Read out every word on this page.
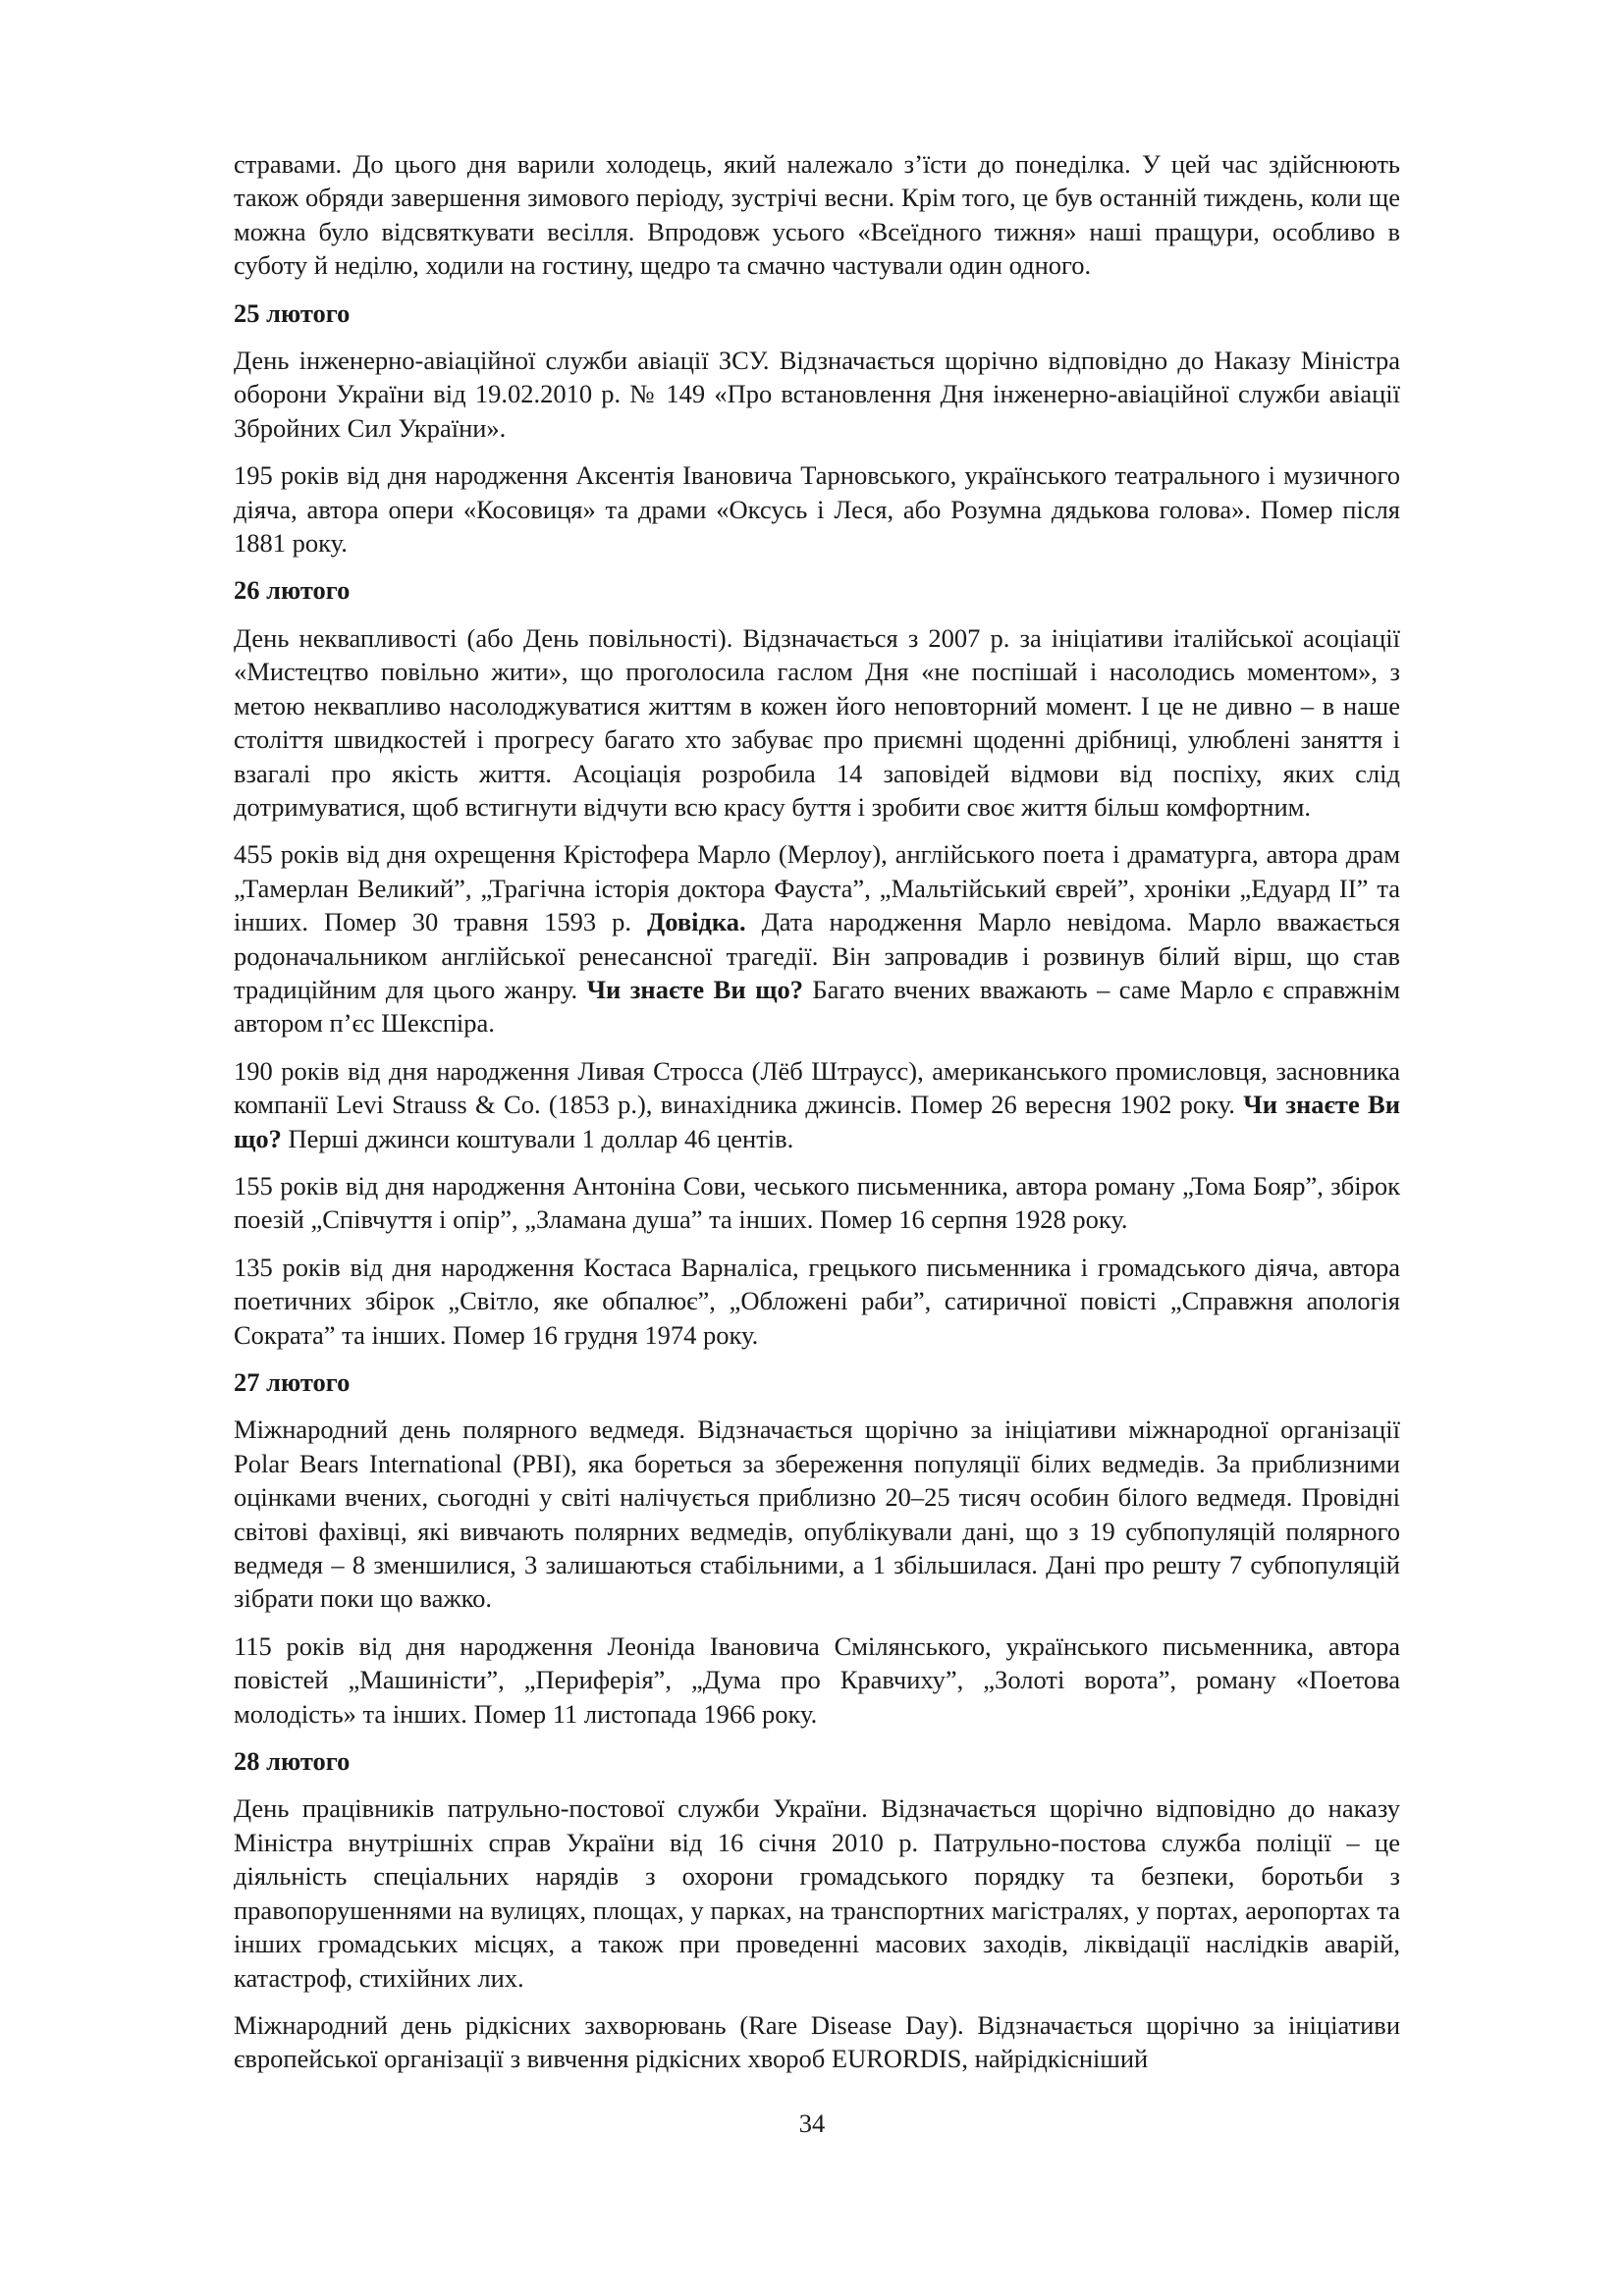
стравами. До цього дня варили холодець, який належало з’їсти до понеділка. У цей час здійснюють також обряди завершення зимового періоду, зустрічі весни. Крім того, це був останній тиждень, коли ще можна було відсвяткувати весілля. Впродовж усього «Всеїдного тижня» наші пращури, особливо в суботу й неділю, ходили на гостину, щедро та смачно частували один одного.

25 лютого

День інженерно-авіаційної служби авіації ЗСУ. Відзначається щорічно відповідно до Наказу Міністра оборони України від 19.02.2010 р. № 149 «Про встановлення Дня інженерно-авіаційної служби авіації Збройних Сил України».

195 років від дня народження Аксентія Івановича Тарновського, українського театрального і музичного діяча, автора опери «Косовиця» та драми «Оксусь і Леся, або Розумна дядькова голова». Помер після 1881 року.

26 лютого

День неквапливості (або День повільності). Відзначається з 2007 р. за ініціативи італійської асоціації «Мистецтво повільно жити», що проголосила гаслом Дня «не поспішай і насолодись моментом», з метою неквапливо насолоджуватися життям в кожен його неповторний момент. І це не дивно – в наше століття швидкостей і прогресу багато хто забуває про приємні щоденні дрібниці, улюблені заняття і взагалі про якість життя. Асоціація розробила 14 заповідей відмови від поспіху, яких слід дотримуватися, щоб встигнути відчути всю красу буття і зробити своє життя більш комфортним.

455 років від дня охрещення Крістофера Марло (Мерлоу), англійського поета і драматурга, автора драм „Тамерлан Великий”, „Трагічна історія доктора Фауста”, „Мальтійський єврей”, хроніки „Едуард ІІ” та інших. Помер 30 травня 1593 р. Довідка. Дата народження Марло невідома. Марло вважається родоначальником англійської ренесансної трагедії. Він запровадив і розвинув білий вірш, що став традиційним для цього жанру. Чи знаєте Ви що? Багато вчених вважають – саме Марло є справжнім автором п’єс Шекспіра.

190 років від дня народження Ливая Стросса (Лёб Штраусс), американського промисловця, засновника компанії Levi Strauss & Co. (1853 р.), винахідника джинсів. Помер 26 вересня 1902 року. Чи знаєте Ви що? Перші джинси коштували 1 доллар 46 центів.

155 років від дня народження Антоніна Сови, чеського письменника, автора роману „Тома Бояр”, збірок поезій „Співчуття і опір”, „Зламана душа” та інших. Помер 16 серпня 1928 року.

135 років від дня народження Костаса Варналіса, грецького письменника і громадського діяча, автора поетичних збірок „Світло, яке обпалює”, „Обложені раби”, сатиричної повісті „Справжня апологія Сократа” та інших. Помер 16 грудня 1974 року.

27 лютого

Міжнародний день полярного ведмедя. Відзначається щорічно за ініціативи міжнародної організації Polar Bears International (PBI), яка бореться за збереження популяції білих ведмедів. За приблизними оцінками вчених, сьогодні у світі налічується приблизно 20–25 тисяч особин білого ведмедя. Провідні світові фахівці, які вивчають полярних ведмедів, опублікували дані, що з 19 субпопуляцій полярного ведмедя – 8 зменшилися, 3 залишаються стабільними, а 1 збільшилася. Дані про решту 7 субпопуляцій зібрати поки що важко.

115 років від дня народження Леоніда Івановича Смілянського, українського письменника, автора повістей „Машиністи”, „Периферія”, „Дума про Кравчиху”, „Золоті ворота”, роману «Поетова молодість» та інших. Помер 11 листопада 1966 року.

28 лютого

День працівників патрульно-постової служби України. Відзначається щорічно відповідно до наказу Міністра внутрішніх справ України від 16 січня 2010 р. Патрульно-постова служба поліції – це діяльність спеціальних нарядів з охорони громадського порядку та безпеки, боротьби з правопорушеннями на вулицях, площах, у парках, на транспортних магістралях, у портах, аеропортах та інших громадських місцях, а також при проведенні масових заходів, ліквідації наслідків аварій, катастроф, стихійних лих.

Міжнародний день рідкісних захворювань (Rare Disease Day). Відзначається щорічно за ініціативи європейської організації з вивчення рідкісних хвороб EURORDIS, найрідкісніший

34
